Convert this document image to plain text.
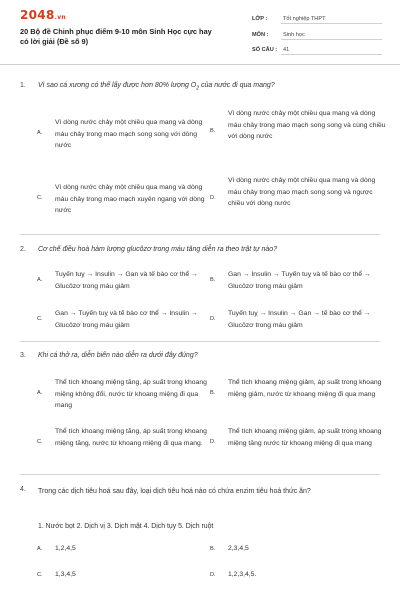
2048.vn
20 Bộ đề Chinh phục điểm 9-10 môn Sinh Học cực hay có lời giải (Đề số 9)
LỚP :	Tốt nghiệp THPT
MÔN :	Sinh học
SỐ CÂU : 41
1. Vì sao cá xương có thể lấy được hơn 80% lượng $O_2$ của nước đi qua mang?
A.
Vì dòng nước chảy một chiều qua mang và dòng máu chảy trong mao mạch song song với dòng nước
B.
Vì dòng nước chảy một chiều qua mang và dòng máu chảy trong mao mạch song song và cùng chiều với dòng nước
C.
Vì dòng nước chảy một chiều qua mang và dòng máu chảy trong mao mạch xuyên ngang với dòng nước
D.
Vì dòng nước chảy một chiều qua mang và dòng máu chảy trong mao mạch song song và ngược chiều với dòng nước
2. Cơ chế điều hoà hàm lượng glucôzơ trong máu tăng diễn ra theo trật tự nào?
A.
Tuyến tuỵ → Insulin → Gan và tế bào cơ thể → Glucôzơ trong máu giảm
B.
Gan → Insulin → Tuyến tuỵ và tế bào cơ thể → Glucôzơ trong máu giảm
C.
Gan → Tuyến tuỵ và tế bào cơ thể → Insulin → Glucôzơ trong máu giảm
D.
Tuyến tuỵ → Insulin → Gan → tế bào cơ thể → Glucôzơ trong máu giảm
3. Khi cá thở ra, diễn biến nào diễn ra dưới đây đúng?
A.
Thể tích khoang miệng tăng, áp suất trong khoang miệng không đổi, nước từ khoang miệng đi qua mang
B.
Thể tích khoang miệng giảm, áp suất trong khoang miệng giảm, nước từ khoang miệng đi qua mang
C.
Thể tích khoang miệng tăng, áp suất trong khoang miệng tăng, nước từ khoang miệng đi qua mang.	D.
Thể tích khoang miệng giảm, áp suất trong khoang miệng tăng nước từ khoang miệng đi qua mang
4. Trong các dịch tiêu hoá sau đây, loại dịch tiêu hoá nào có chứa enzim tiêu hoá thức ăn?
1. Nước bọt 2. Dịch vị 3. Dịch mật 4. Dịch tụy 5. Dịch ruột
A. 1,2,4,5	B. 2,3,4,5
C. 1,3,4,5	D. 1,2,3,4,5.
